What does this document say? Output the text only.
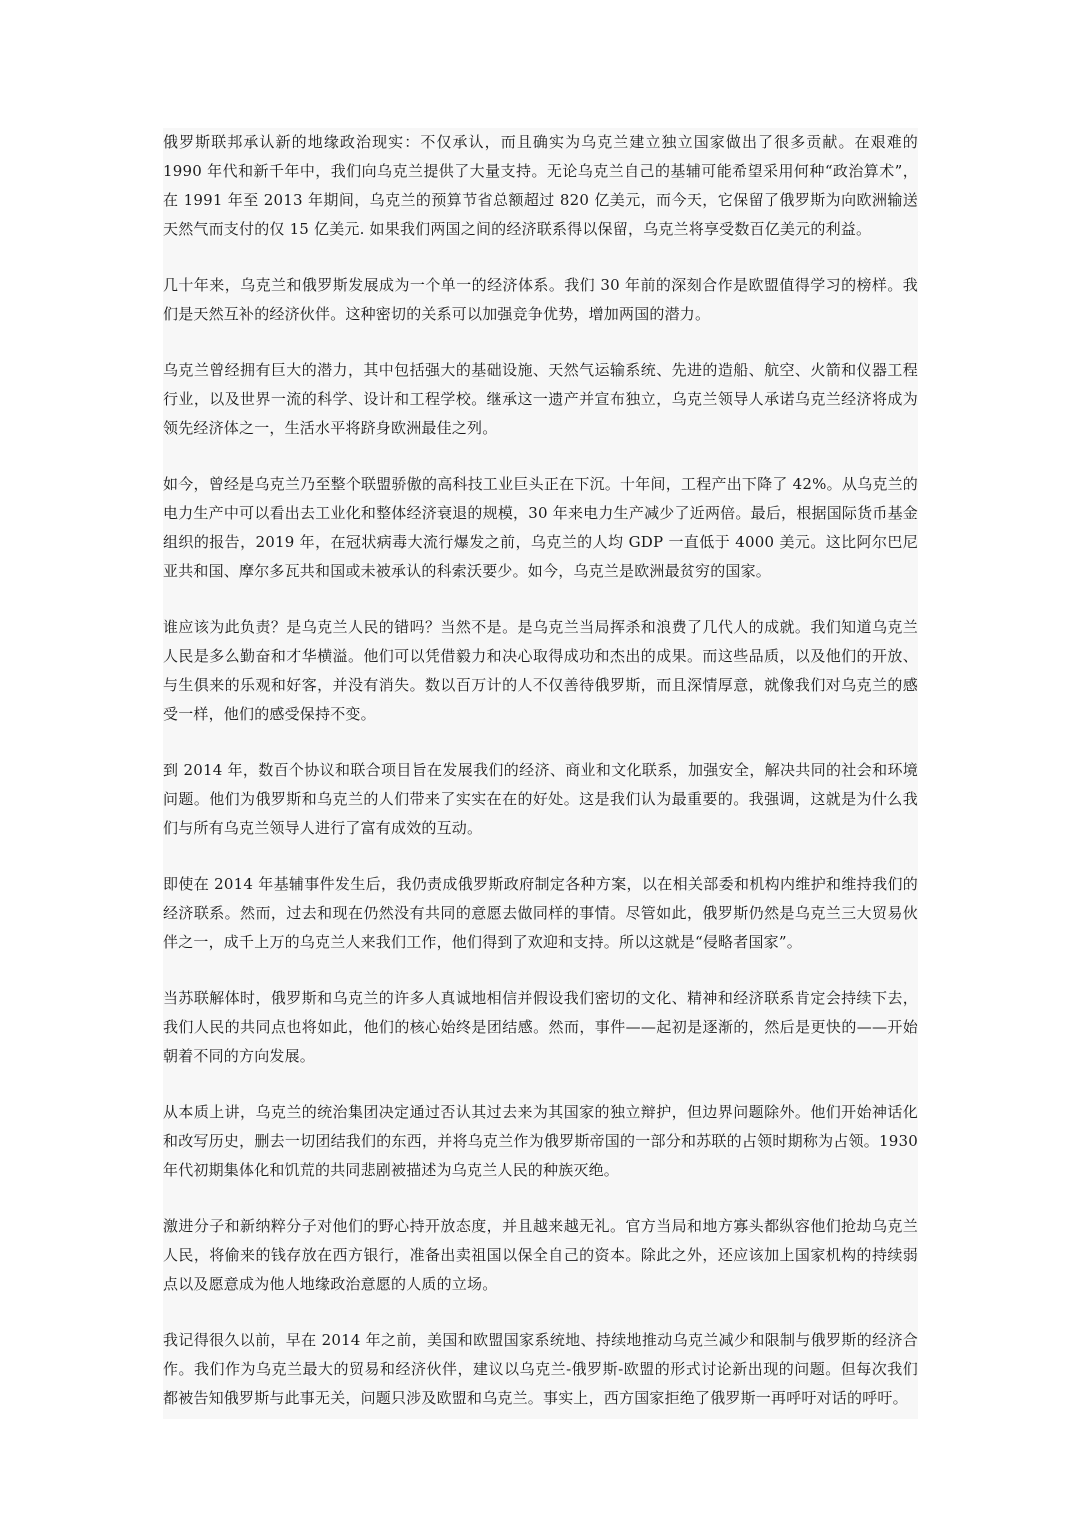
俄罗斯联邦承认新的地缘政治现实：不仅承认，而且确实为乌克兰建立独立国家做出了很多贡献。在艰难的 1990 年代和新千年中，我们向乌克兰提供了大量支持。无论乌克兰自己的基辅可能希望采用何种“政治算术”，在 1991 年至 2013 年期间，乌克兰的预算节省总额超过 820 亿美元，而今天，它保留了俄罗斯为向欧洲输送天然气而支付的仅 15 亿美元. 如果我们两国之间的经济联系得以保留，乌克兰将享受数百亿美元的利益。

几十年来，乌克兰和俄罗斯发展成为一个单一的经济体系。我们 30 年前的深刻合作是欧盟值得学习的榜样。我们是天然互补的经济伙伴。这种密切的关系可以加强竞争优势，增加两国的潜力。

乌克兰曾经拥有巨大的潜力，其中包括强大的基础设施、天然气运输系统、先进的造船、航空、火箭和仪器工程行业，以及世界一流的科学、设计和工程学校。继承这一遗产并宣布独立，乌克兰领导人承诺乌克兰经济将成为领先经济体之一，生活水平将跻身欧洲最佳之列。

如今，曾经是乌克兰乃至整个联盟骄傲的高科技工业巨头正在下沉。十年间，工程产出下降了 42%。从乌克兰的电力生产中可以看出去工业化和整体经济衰退的规模，30 年来电力生产减少了近两倍。最后，根据国际货币基金组织的报告，2019 年，在冠状病毒大流行爆发之前，乌克兰的人均 GDP 一直低于 4000 美元。这比阿尔巴尼亚共和国、摩尔多瓦共和国或未被承认的科索沃要少。如今，乌克兰是欧洲最贫穷的国家。

谁应该为此负责？是乌克兰人民的错吗？当然不是。是乌克兰当局挥杀和浪费了几代人的成就。我们知道乌克兰人民是多么勤奋和才华横溢。他们可以凭借毅力和决心取得成功和杰出的成果。而这些品质，以及他们的开放、与生俱来的乐观和好客，并没有消失。数以百万计的人不仅善待俄罗斯，而且深情厚意，就像我们对乌克兰的感受一样，他们的感受保持不变。

到 2014 年，数百个协议和联合项目旨在发展我们的经济、商业和文化联系，加强安全，解决共同的社会和环境问题。他们为俄罗斯和乌克兰的人们带来了实实在在的好处。这是我们认为最重要的。我强调，这就是为什么我们与所有乌克兰领导人进行了富有成效的互动。

即使在 2014 年基辅事件发生后，我仍责成俄罗斯政府制定各种方案，以在相关部委和机构内维护和维持我们的经济联系。然而，过去和现在仍然没有共同的意愿去做同样的事情。尽管如此，俄罗斯仍然是乌克兰三大贸易伙伴之一，成千上万的乌克兰人来我们工作，他们得到了欢迎和支持。所以这就是“侵略者国家”。

当苏联解体时，俄罗斯和乌克兰的许多人真诚地相信并假设我们密切的文化、精神和经济联系肯定会持续下去，我们人民的共同点也将如此，他们的核心始终是团结感。然而，事件——起初是逐渐的，然后是更快的——开始朝着不同的方向发展。

从本质上讲，乌克兰的统治集团决定通过否认其过去来为其国家的独立辩护，但边界问题除外。他们开始神话化和改写历史，删去一切团结我们的东西，并将乌克兰作为俄罗斯帝国的一部分和苏联的占领时期称为占领。1930 年代初期集体化和饥荒的共同悲剧被描述为乌克兰人民的种族灭绝。

激进分子和新纳粹分子对他们的野心持开放态度，并且越来越无礼。官方当局和地方寡头都纵容他们抢劫乌克兰人民，将偷来的钱存放在西方银行，准备出卖祖国以保全自己的资本。除此之外，还应该加上国家机构的持续弱点以及愿意成为他人地缘政治意愿的人质的立场。

我记得很久以前，早在 2014 年之前，美国和欧盟国家系统地、持续地推动乌克兰减少和限制与俄罗斯的经济合作。我们作为乌克兰最大的贸易和经济伙伴，建议以乌克兰-俄罗斯-欧盟的形式讨论新出现的问题。但每次我们都被告知俄罗斯与此事无关，问题只涉及欧盟和乌克兰。事实上，西方国家拒绝了俄罗斯一再呼吁对话的呼吁。
